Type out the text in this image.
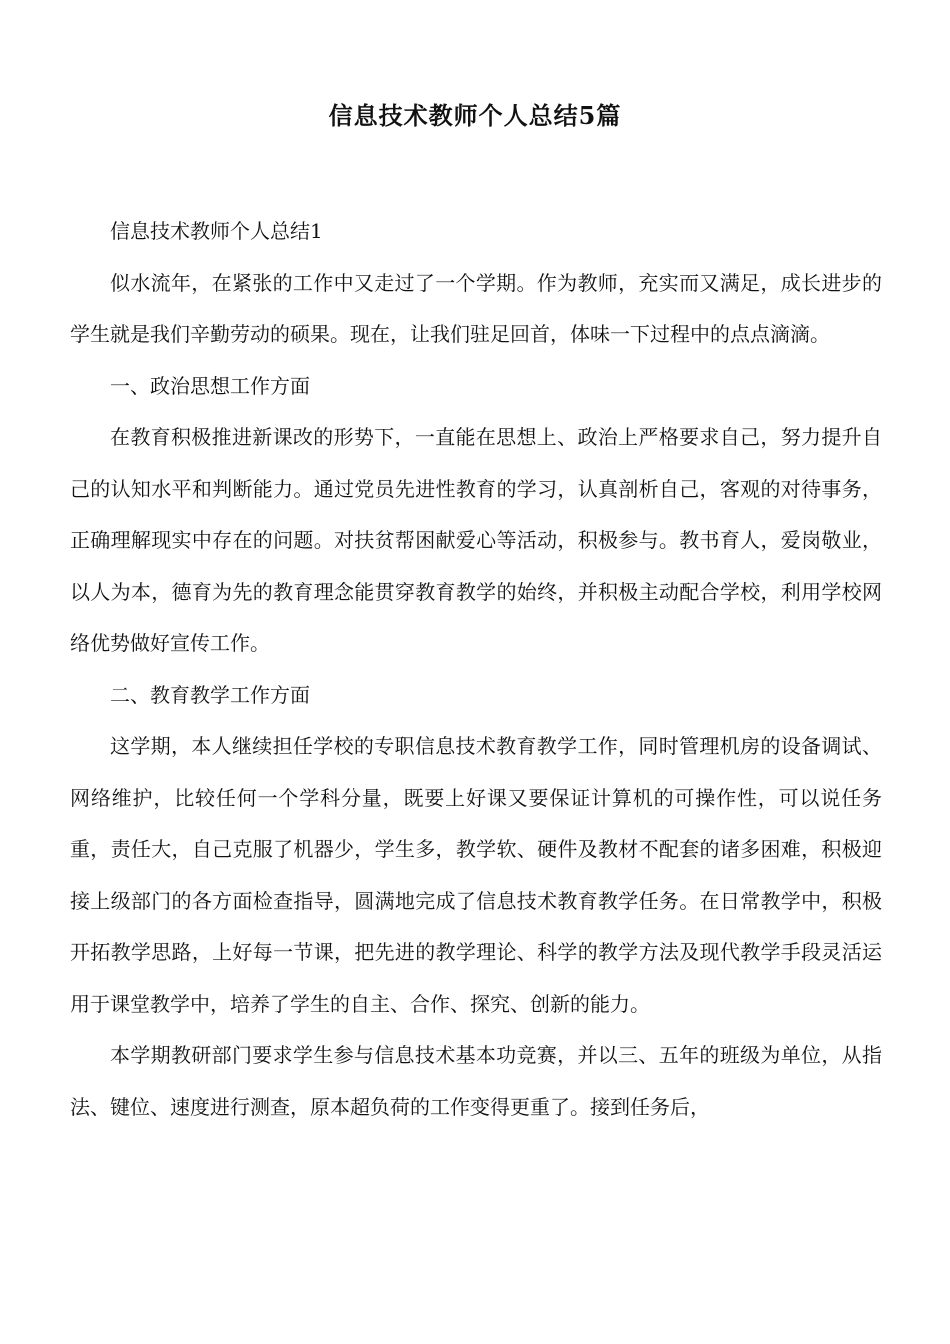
信息技术教师个人总结5篇

信息技术教师个人总结1

似水流年，在紧张的工作中又走过了一个学期。作为教师，充实而又满足，成长进步的学生就是我们辛勤劳动的硕果。现在，让我们驻足回首，体味一下过程中的点点滴滴。

一、政治思想工作方面

在教育积极推进新课改的形势下，一直能在思想上、政治上严格要求自己，努力提升自己的认知水平和判断能力。通过党员先进性教育的学习，认真剖析自己，客观的对待事务，正确理解现实中存在的问题。对扶贫帮困献爱心等活动，积极参与。教书育人，爱岗敬业，以人为本，德育为先的教育理念能贯穿教育教学的始终，并积极主动配合学校，利用学校网络优势做好宣传工作。

二、教育教学工作方面

这学期，本人继续担任学校的专职信息技术教育教学工作，同时管理机房的设备调试、网络维护，比较任何一个学科分量，既要上好课又要保证计算机的可操作性，可以说任务重，责任大，自己克服了机器少，学生多，教学软、硬件及教材不配套的诸多困难，积极迎接上级部门的各方面检查指导，圆满地完成了信息技术教育教学任务。在日常教学中，积极开拓教学思路，上好每一节课，把先进的教学理论、科学的教学方法及现代教学手段灵活运用于课堂教学中，培养了学生的自主、合作、探究、创新的能力。

本学期教研部门要求学生参与信息技术基本功竞赛，并以三、五年的班级为单位，从指法、键位、速度进行测查，原本超负荷的工作变得更重了。接到任务后，
